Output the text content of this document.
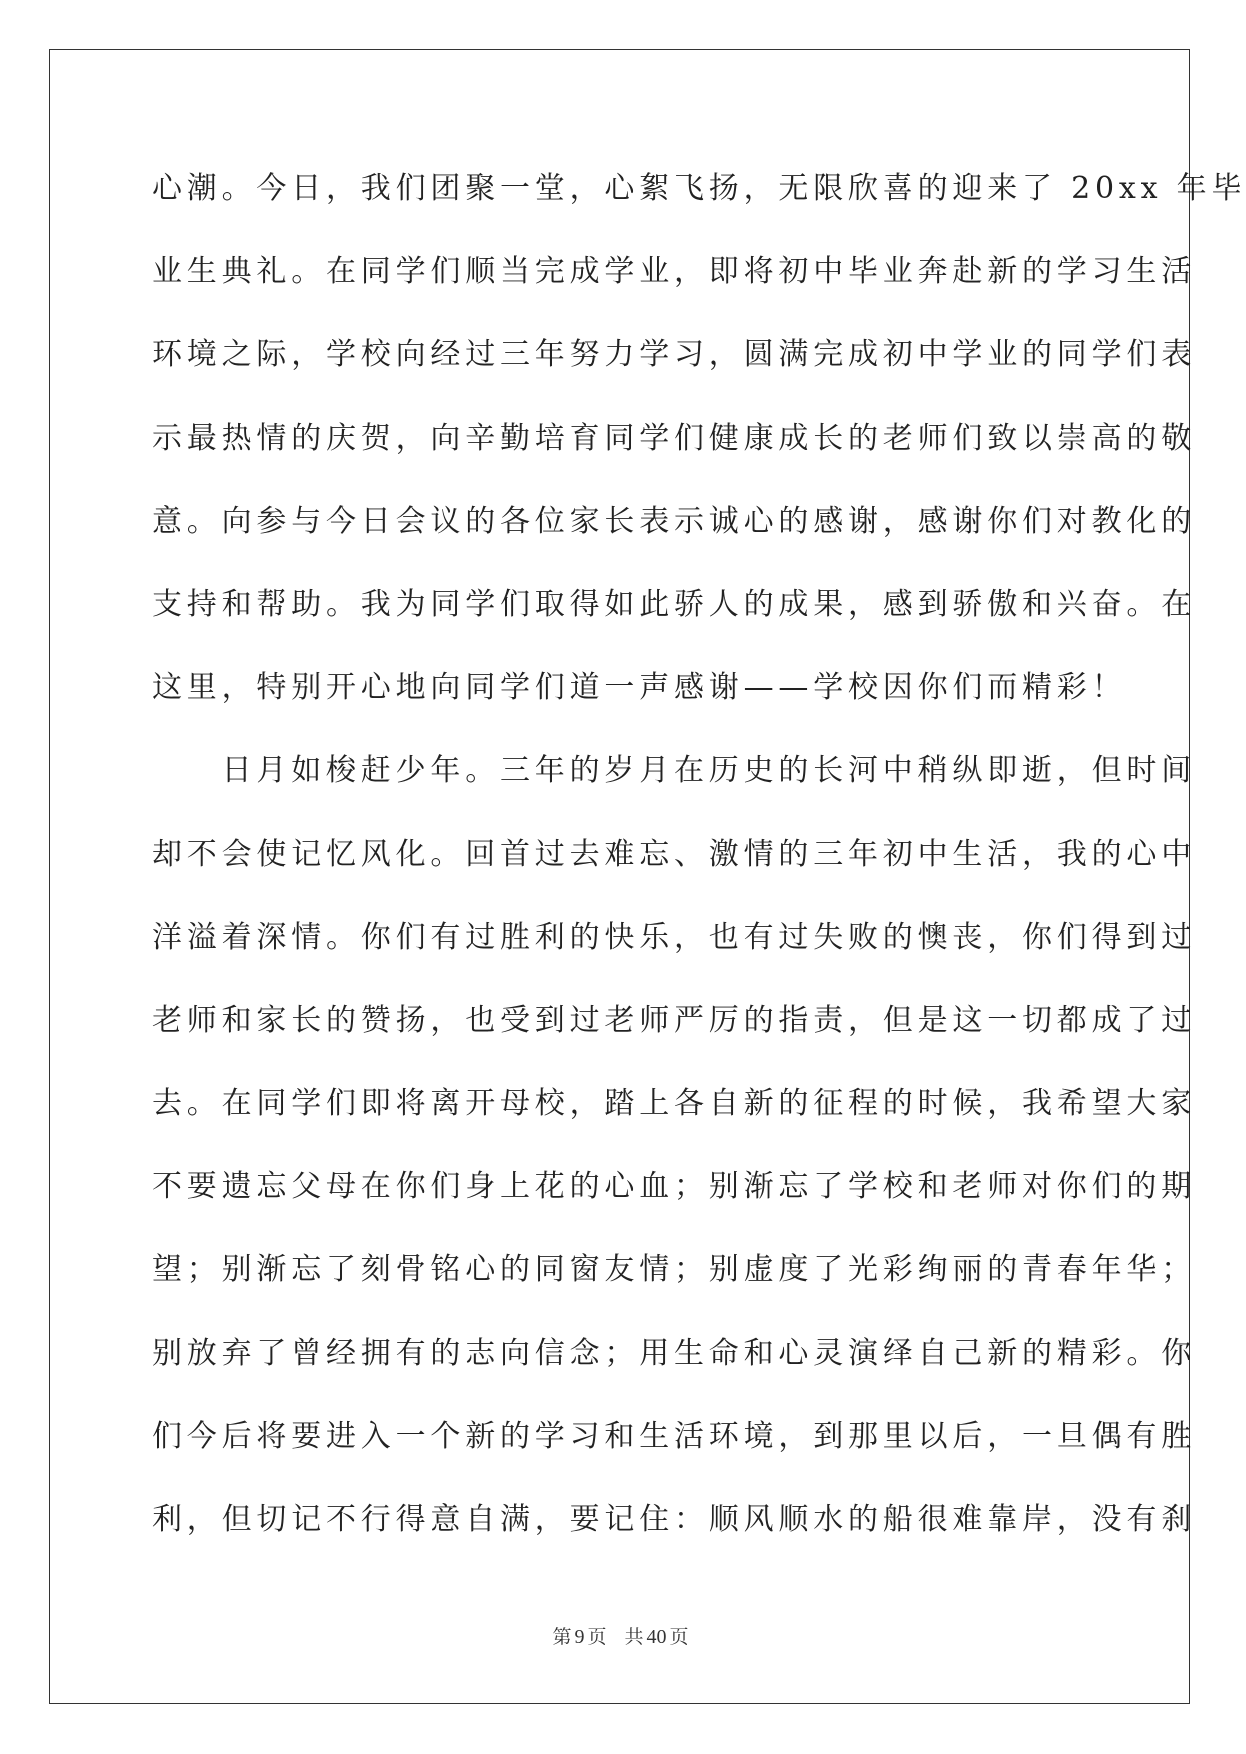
心潮。今日，我们团聚一堂，心絮飞扬，无限欣喜的迎来了 20xx 年毕
业生典礼。在同学们顺当完成学业，即将初中毕业奔赴新的学习生活
环境之际，学校向经过三年努力学习，圆满完成初中学业的同学们表
示最热情的庆贺，向辛勤培育同学们健康成长的老师们致以崇高的敬
意。向参与今日会议的各位家长表示诚心的感谢，感谢你们对教化的
支持和帮助。我为同学们取得如此骄人的成果，感到骄傲和兴奋。在
这里，特别开心地向同学们道一声感谢——学校因你们而精彩！
　　日月如梭赶少年。三年的岁月在历史的长河中稍纵即逝，但时间
却不会使记忆风化。回首过去难忘、激情的三年初中生活，我的心中
洋溢着深情。你们有过胜利的快乐，也有过失败的懊丧，你们得到过
老师和家长的赞扬，也受到过老师严厉的指责，但是这一切都成了过
去。在同学们即将离开母校，踏上各自新的征程的时候，我希望大家
不要遗忘父母在你们身上花的心血；别渐忘了学校和老师对你们的期
望；别渐忘了刻骨铭心的同窗友情；别虚度了光彩绚丽的青春年华；
别放弃了曾经拥有的志向信念；用生命和心灵演绎自己新的精彩。你
们今后将要进入一个新的学习和生活环境，到那里以后，一旦偶有胜
利，但切记不行得意自满，要记住：顺风顺水的船很难靠岸，没有刹
第 9 页 共 40 页
